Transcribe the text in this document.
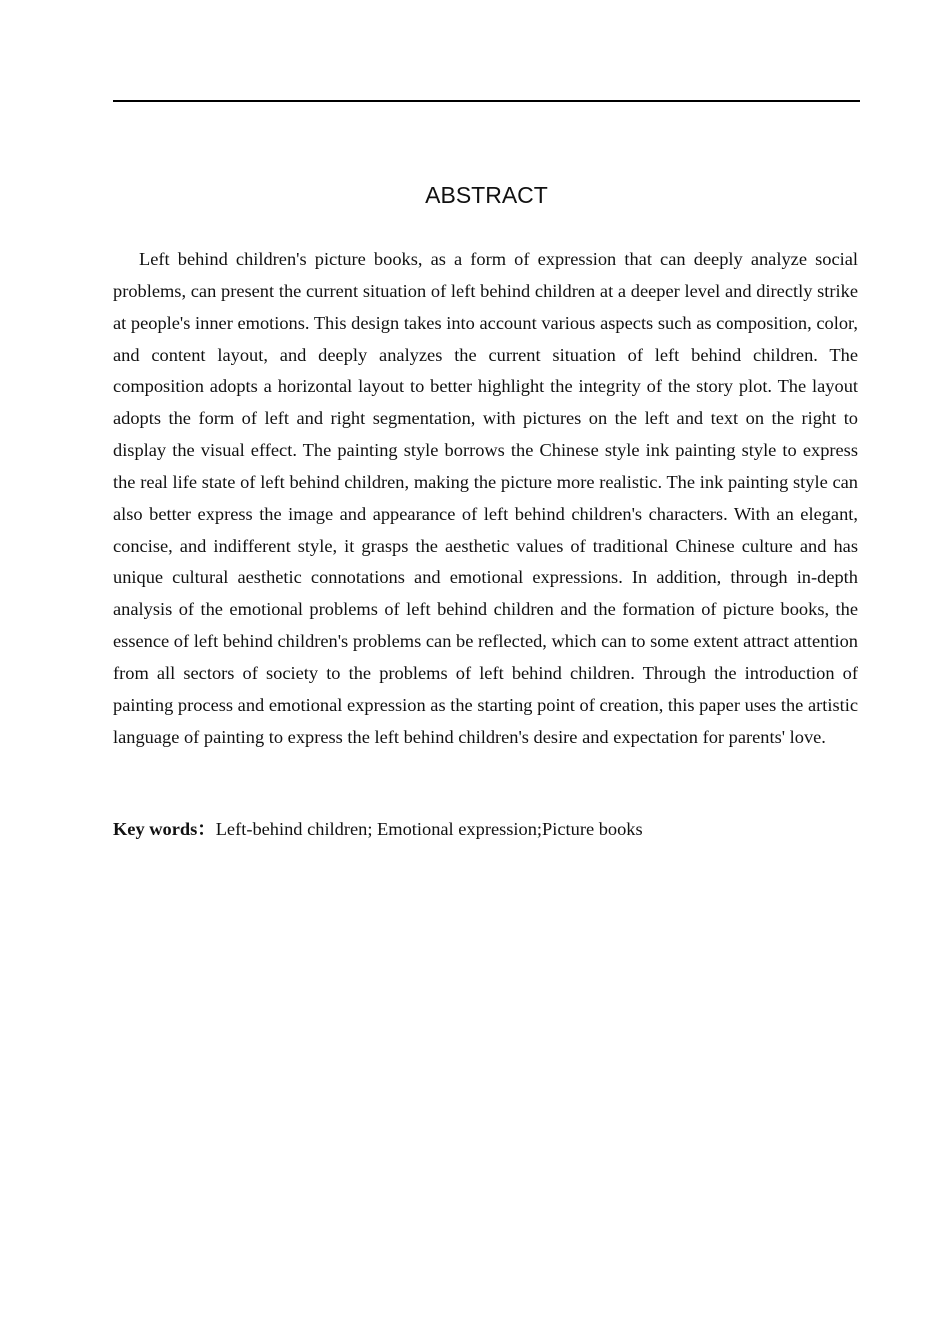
ABSTRACT

Left behind children's picture books, as a form of expression that can deeply analyze social problems, can present the current situation of left behind children at a deeper level and directly strike at people's inner emotions. This design takes into account various aspects such as composition, color, and content layout, and deeply analyzes the current situation of left behind children. The composition adopts a horizontal layout to better highlight the integrity of the story plot. The layout adopts the form of left and right segmentation, with pictures on the left and text on the right to display the visual effect. The painting style borrows the Chinese style ink painting style to express the real life state of left behind children, making the picture more realistic. The ink painting style can also better express the image and appearance of left behind children's characters. With an elegant, concise, and indifferent style, it grasps the aesthetic values of traditional Chinese culture and has unique cultural aesthetic connotations and emotional expressions. In addition, through in-depth analysis of the emotional problems of left behind children and the formation of picture books, the essence of left behind children's problems can be reflected, which can to some extent attract attention from all sectors of society to the problems of left behind children. Through the introduction of painting process and emotional expression as the starting point of creation, this paper uses the artistic language of painting to express the left behind children's desire and expectation for parents' love.

Key words：Left-behind children; Emotional expression;Picture books
